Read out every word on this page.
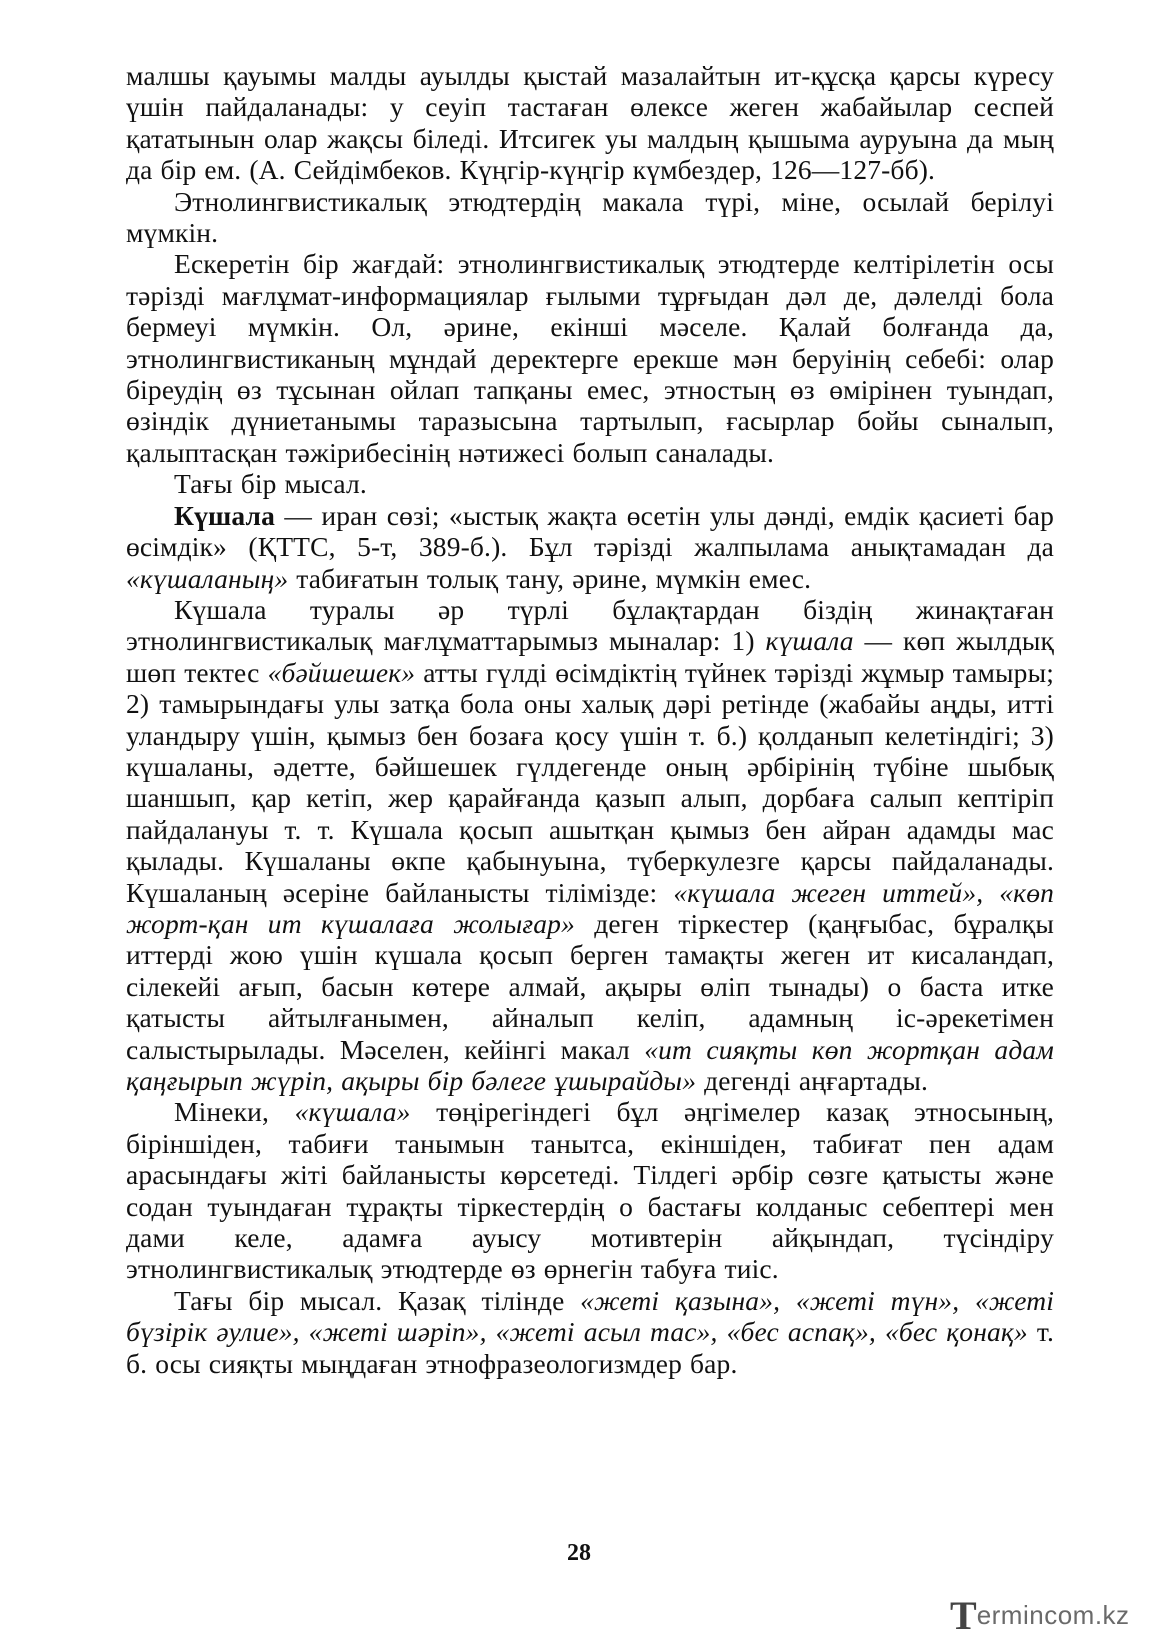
малшы қауымы малды ауылды қыстай мазалайтын ит-құсқа қарсы күресу үшін пайдаланады: у сеуіп тастаған өлексе жеген жабайылар сеспей қататынын олар жақсы біледі. Итсигек уы малдың қышыма ауруына да мың да бір ем. (А. Сейдімбеков. Күңгір-күңгір күмбездер, 126—127-бб).

Этнолингвистикалық этюдтердің макала түрі, міне, осылай берілуі мүмкін.

Ескеретін бір жағдай: этнолингвистикалық этюдтерде келтірілетін осы тәрізді мағлұмат-информациялар ғылыми тұрғыдан дәл де, дәлелді бола бермеуі мүмкін. Ол, әрине, екінші мәселе. Қалай болғанда да, этнолингвистиканың мұндай деректерге ерекше мән беруінің себебі: олар біреудің өз тұсынан ойлап тапқаны емес, этностың өз өмірінен туындап, өзіндік дүниетанымы таразысына тартылып, ғасырлар бойы сыналып, қалыптасқан тәжірибесінің нәтижесі болып саналады.

Тағы бір мысал.

Күшала — иран сөзі; «ыстық жақта өсетін улы дәнді, емдік қасиеті бар өсімдік» (ҚТТС, 5-т, 389-б.). Бұл тәрізді жалпылама анықтамадан да «күшаланың» табиғатын толық тану, әрине, мүмкін емес.

Күшала туралы әр түрлі бұлақтардан біздің жинақтаған этнолингвистикалық мағлұматтарымыз мыналар: 1) күшала — көп жылдық шөп тектес «бәйшешек» атты гүлді өсімдіктің түйнек тәрізді жұмыр тамыры; 2) тамырындағы улы затқа бола оны халық дәрі ретінде (жабайы аңды, итті уландыру үшін, қымыз бен бозаға қосу үшін т. б.) қолданып келетіндігі; 3) күшаланы, әдетте, бәйшешек гүлдегенде оның әрбірінің түбіне шыбық шаншып, қар кетіп, жер қарайғанда қазып алып, дорбаға салып кептіріп пайдалануы т. т. Күшала қосып ашытқан қымыз бен айран адамды мас қылады. Күшаланы өкпе қабынуына, түберкулезге қарсы пайдаланады. Күшаланың әсеріне байланысты тілімізде: «күшала жеген иттей», «көп жорт-қан ит күшалаға жолығар» деген тіркестер (қаңғыбас, бұралқы иттерді жою үшін күшала қосып берген тамақты жеген ит кисаландап, сілекейі ағып, басын көтере алмай, ақыры өліп тынады) о баста итке қатысты айтылғанымен, айналып келіп, адамның іс-әрекетімен салыстырылады. Мәселен, кейінгі макал «ит сияқты көп жортқан адам қаңғырып жүріп, ақыры бір бәлеге ұшырайды» дегенді аңғартады.

Мінеки, «күшала» төңірегіндегі бұл әңгімелер казақ этносының, біріншіден, табиғи танымын танытса, екіншіден, табиғат пен адам арасындағы жіті байланысты көрсетеді. Тілдегі әрбір сөзге қатысты және содан туындаған тұрақты тіркестердің о бастағы колданыс себептері мен дами келе, адамға ауысу мотивтерін айқындап, түсіндіру этнолингвистикалық этюдтерде өз өрнегін табуға тиіс.

Тағы бір мысал. Қазақ тілінде «жеті қазына», «жеті түн», «жеті бүзірік әулие», «жеті шәріп», «жеті асыл тас», «бес аспақ», «бес қонақ» т. б. осы сияқты мыңдаған этнофразеологизмдер бар.

28
T ermincom.kz
